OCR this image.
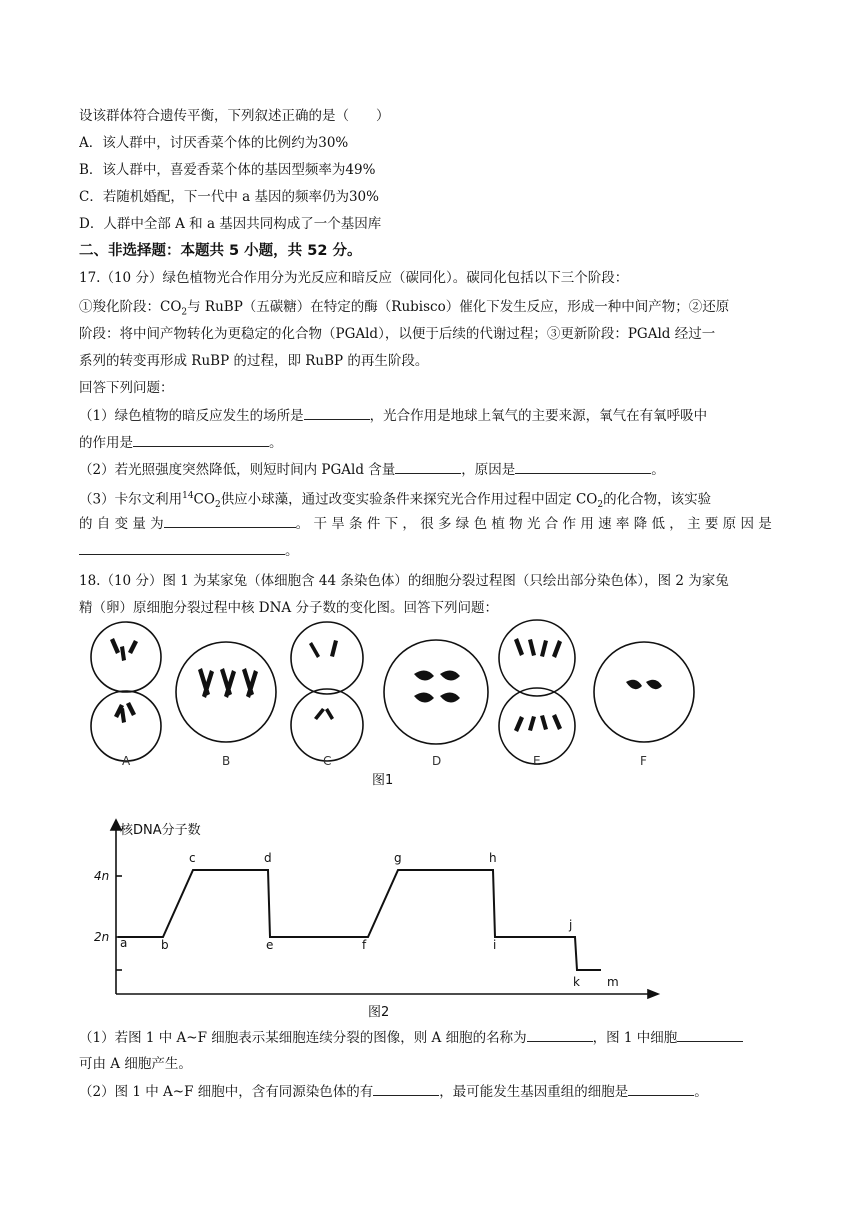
设该群体符合遗传平衡，下列叙述正确的是（　　）
A．该人群中，讨厌香菜个体的比例约为30%
B．该人群中，喜爱香菜个体的基因型频率为49%
C．若随机婚配，下一代中 a 基因的频率仍为30%
D．人群中全部 A 和 a 基因共同构成了一个基因库
二、非选择题：本题共 5 小题，共 52 分。
17.（10 分）绿色植物光合作用分为光反应和暗反应（碳同化）。碳同化包括以下三个阶段：
①羧化阶段：$CO_2$与 RuBP（五碳糖）在特定的酶（Rubisco）催化下发生反应，形成一种中间产物；②还原
阶段：将中间产物转化为更稳定的化合物（PGAld），以便于后续的代谢过程；③更新阶段：PGAld 经过一
系列的转变再形成 RuBP 的过程，即 RuBP 的再生阶段。
回答下列问题：
（1）绿色植物的暗反应发生的场所是	，光合作用是地球上氧气的主要来源，氧气在有氧呼吸中
的作用是	。
（2）若光照强度突然降低，则短时间内 PGAld 含量	，原因是	。
（3）卡尔文利用$^{14}CO_2$供应小球藻，通过改变实验条件来探究光合作用过程中固定 $CO_2$的化合物，该实验
的 自 变 量 为	。 干 旱 条 件 下 ， 很 多 绿 色 植 物 光 合 作 用 速 率 降 低 ， 主 要 原 因 是
。
18.（10 分）图 1 为某家兔（体细胞含 44 条染色体）的细胞分裂过程图（只绘出部分染色体），图 2 为家兔
精（卵）原细胞分裂过程中核 DNA 分子数的变化图。回答下列问题：
A	B	C	D	E	F
图1
核DNA分子数
4n
2n
图2
a	b
c	d
e	f
g	h
i
j
k m
（1）若图 1 中 A~F 细胞表示某细胞连续分裂的图像，则 A 细胞的名称为	，图 1 中细胞
可由 A 细胞产生。
（2）图 1 中 A~F 细胞中，含有同源染色体的有	，最可能发生基因重组的细胞是	。
